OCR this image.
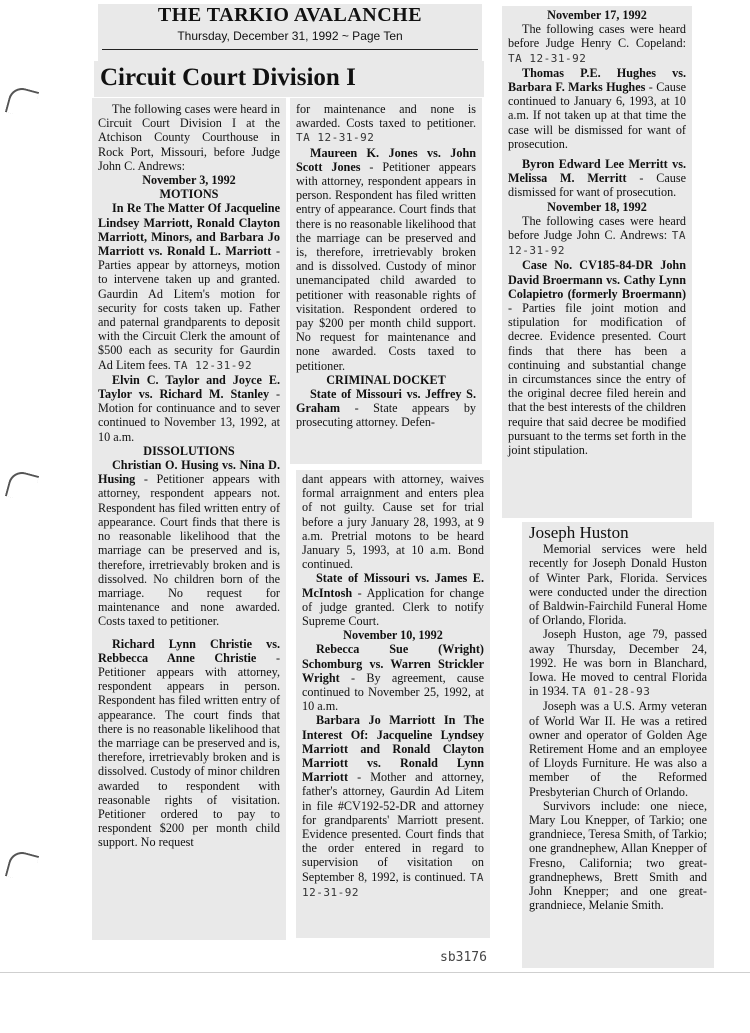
THE TARKIO AVALANCHE
Thursday, December 31, 1992 ~ Page Ten
Circuit Court Division I

The following cases were heard in Circuit Court Division I at the Atchison County Courthouse in Rock Port, Missouri, before Judge John C. Andrews:

November 3, 1992
MOTIONS

In Re The Matter Of Jacqueline Lindsey Marriott, Ronald Clayton Marriott, Minors, and Barbara Jo Marriott vs. Ronald L. Marriott - Parties appear by attorneys, motion to intervene taken up and granted. Gaurdin Ad Litem's motion for security for costs taken up. Father and paternal grandparents to deposit with the Circuit Clerk the amount of $500 each as security for Gaurdin Ad Litem fees. TA 12-31-92

Elvin C. Taylor and Joyce E. Taylor vs. Richard M. Stanley - Motion for continuance and to sever continued to November 13, 1992, at 10 a.m.

DISSOLUTIONS

Christian O. Husing vs. Nina D. Husing - Petitioner appears with attorney, respondent appears not. Respondent has filed written entry of appearance. Court finds that there is no reasonable likelihood that the marriage can be preserved and is, therefore, irretrievably broken and is dissolved. No children born of the marriage. No request for maintenance and none awarded. Costs taxed to petitioner.

Richard Lynn Christie vs. Rebbecca Anne Christie - Petitioner appears with attorney, respondent appears in person. Respondent has filed written entry of appearance. The court finds that there is no reasonable likelihood that the marriage can be preserved and is, therefore, irretrievably broken and is dissolved. Custody of minor children awarded to respondent with reasonable rights of visitation. Petitioner ordered to pay to respondent $200 per month child support. No request

for maintenance and none is awarded. Costs taxed to petitioner. TA 12-31-92

Maureen K. Jones vs. John Scott Jones - Petitioner appears with attorney, respondent appears in person. Respondent has filed written entry of appearance. Court finds that there is no reasonable likelihood that the marriage can be preserved and is, therefore, irretrievably broken and is dissolved. Custody of minor unemancipated child awarded to petitioner with reasonable rights of visitation. Respondent ordered to pay $200 per month child support. No request for maintenance and none awarded. Costs taxed to petitioner.

CRIMINAL DOCKET

State of Missouri vs. Jeffrey S. Graham - State appears by prosecuting attorney. Defen-

dant appears with attorney, waives formal arraignment and enters plea of not guilty. Cause set for trial before a jury January 28, 1993, at 9 a.m. Pretrial motons to be heard January 5, 1993, at 10 a.m. Bond continued.

State of Missouri vs. James E. McIntosh - Application for change of judge granted. Clerk to notify Supreme Court.

November 10, 1992

Rebecca Sue (Wright) Schomburg vs. Warren Strickler Wright - By agreement, cause continued to November 25, 1992, at 10 a.m.

Barbara Jo Marriott In The Interest Of: Jacqueline Lyndsey Marriott and Ronald Clayton Marriott vs. Ronald Lynn Marriott - Mother and attorney, father's attorney, Gaurdin Ad Litem in file #CV192-52-DR and attorney for grandparents' Marriott present. Evidence presented. Court finds that the order entered in regard to supervision of visitation on September 8, 1992, is continued. TA 12-31-92

November 17, 1992

The following cases were heard before Judge Henry C. Copeland: TA 12-31-92

Thomas P.E. Hughes vs. Barbara F. Marks Hughes - Cause continued to January 6, 1993, at 10 a.m. If not taken up at that time the case will be dismissed for want of prosecution.

Byron Edward Lee Merritt vs. Melissa M. Merritt - Cause dismissed for want of prosecution.

November 18, 1992

The following cases were heard before Judge John C. Andrews: TA 12-31-92

Case No. CV185-84-DR John David Broermann vs. Cathy Lynn Colapietro (formerly Broermann) - Parties file joint motion and stipulation for modification of decree. Evidence presented. Court finds that there has been a continuing and substantial change in circumstances since the entry of the original decree filed herein and that the best interests of the children require that said decree be modified pursuant to the terms set forth in the joint stipulation.

Joseph Huston

Memorial services were held recently for Joseph Donald Huston of Winter Park, Florida. Services were conducted under the direction of Baldwin-Fairchild Funeral Home of Orlando, Florida.

Joseph Huston, age 79, passed away Thursday, December 24, 1992. He was born in Blanchard, Iowa. He moved to central Florida in 1934. TA 01-28-93

Joseph was a U.S. Army veteran of World War II. He was a retired owner and operator of Golden Age Retirement Home and an employee of Lloyds Furniture. He was also a member of the Reformed Presbyterian Church of Orlando.

Survivors include: one niece, Mary Lou Knepper, of Tarkio; one grandniece, Teresa Smith, of Tarkio; one grandnephew, Allan Knepper of Fresno, California; two great-grandnephews, Brett Smith and John Knepper; and one great-grandniece, Melanie Smith.

sb3176
